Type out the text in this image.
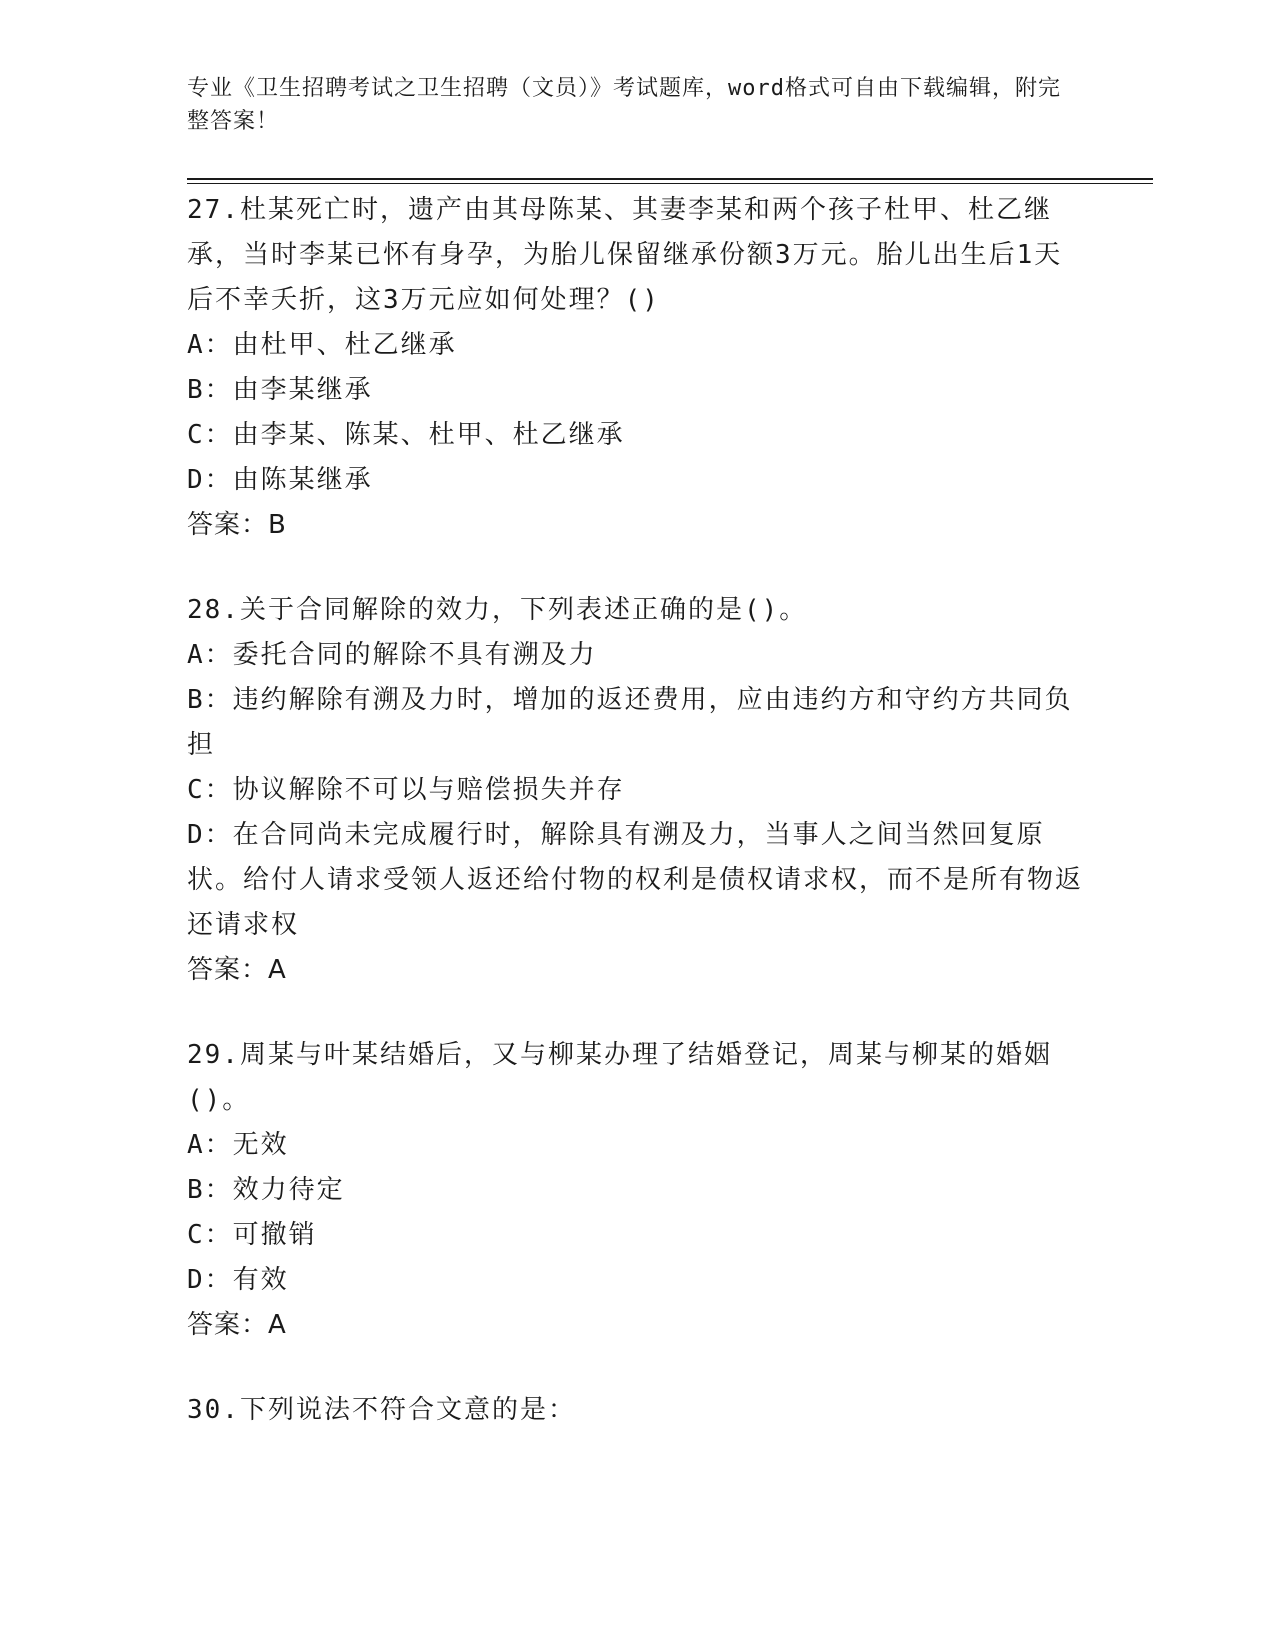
专业《卫生招聘考试之卫生招聘（文员）》考试题库，word格式可自由下载编辑，附完整答案！

27.杜某死亡时，遗产由其母陈某、其妻李某和两个孩子杜甲、杜乙继承，当时李某已怀有身孕，为胎儿保留继承份额3万元。胎儿出生后1天后不幸夭折，这3万元应如何处理？()

A：由杜甲、杜乙继承

B：由李某继承

C：由李某、陈某、杜甲、杜乙继承

D：由陈某继承

答案：B

28.关于合同解除的效力，下列表述正确的是()。

A：委托合同的解除不具有溯及力

B：违约解除有溯及力时，增加的返还费用，应由违约方和守约方共同负担

C：协议解除不可以与赔偿损失并存

D：在合同尚未完成履行时，解除具有溯及力，当事人之间当然回复原状。给付人请求受领人返还给付物的权利是债权请求权，而不是所有物返还请求权

答案：A

29.周某与叶某结婚后，又与柳某办理了结婚登记，周某与柳某的婚姻()。

A：无效

B：效力待定

C：可撤销

D：有效

答案：A

30.下列说法不符合文意的是：
